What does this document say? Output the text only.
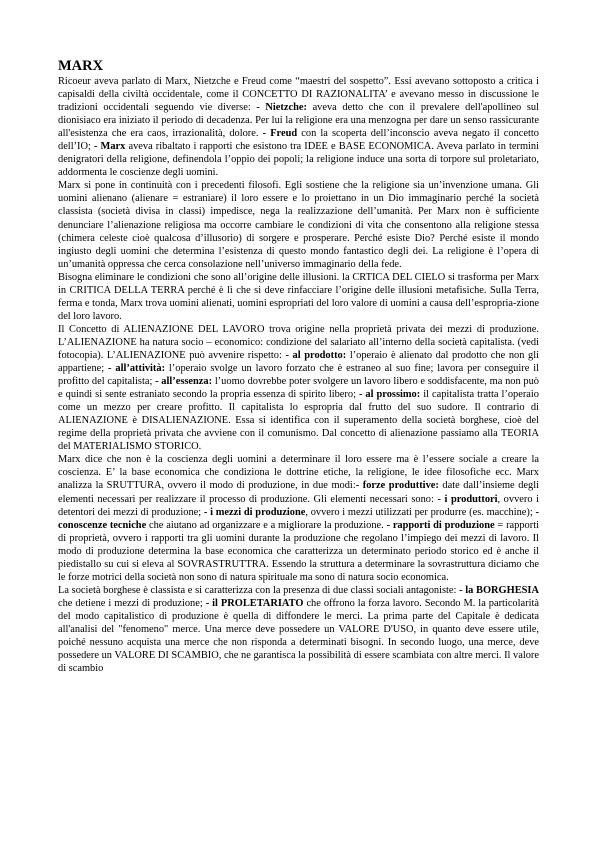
MARX

Ricoeur aveva parlato di Marx, Nietzche e Freud come “maestri del sospetto”. Essi avevano sottoposto a critica i capisaldi della civiltà occidentale, come il CONCETTO DI RAZIONALITA’ e avevano messo in discussione le tradizioni occidentali seguendo vie diverse: - Nietzche: aveva detto che con il prevalere dell'apollineo sul dionisiaco era iniziato il periodo di decadenza. Per lui la religione era una menzogna per dare un senso rassicurante all'esistenza che era caos, irrazionalità, dolore. - Freud con la scoperta dell’inconscio aveva negato il concetto dell’IO; - Marx aveva ribaltato i rapporti che esistono tra IDEE e BASE ECONOMICA. Aveva parlato in termini denigratori della religione, definendola l’oppio dei popoli; la religione induce una sorta di torpore sul proletariato, addormenta le coscienze degli uomini.

Marx si pone in continuità con i precedenti filosofi. Egli sostiene che la religione sia un’invenzione umana. Gli uomini alienano (alienare = estraniare) il loro essere e lo proiettano in un Dio immaginario perché la società classista (società divisa in classi) impedisce, nega la realizzazione dell’umanità. Per Marx non è sufficiente denunciare l’alienazione religiosa ma occorre cambiare le condizioni di vita che consentono alla religione stessa (chimera celeste cioè qualcosa d’illusorio) di sorgere e prosperare. Perché esiste Dio? Perché esiste il mondo ingiusto degli uomini che determina l’esistenza di questo mondo fantastico degli dei. La religione è l’opera di un’umanità oppressa che cerca consolazione nell’universo immaginario della fede.

Bisogna eliminare le condizioni che sono all’origine delle illusioni. la CRTICA DEL CIELO si trasforma per Marx in CRITICA DELLA TERRA perché è lì che si deve rinfacciare l’origine delle illusioni metafisiche. Sulla Terra, ferma e tonda, Marx trova uomini alienati, uomini espropriati del loro valore di uomini a causa dell’espropria-zione del loro lavoro.

Il Concetto di ALIENAZIONE DEL LAVORO trova origine nella proprietà privata dei mezzi di produzione. L’ALIENAZIONE ha natura socio – economico: condizione del salariato all’interno della società capitalista. (vedi fotocopia). L’ALIENAZIONE può avvenire rispetto: - al prodotto: l’operaio è alienato dal prodotto che non gli appartiene; - all’attività: l’operaio svolge un lavoro forzato che è estraneo al suo fine; lavora per conseguire il profitto del capitalista; - all’essenza: l’uomo dovrebbe poter svolgere un lavoro libero e soddisfacente, ma non può e quindi si sente estraniato secondo la propria essenza di spirito libero; - al prossimo: il capitalista tratta l’operaio come un mezzo per creare profitto. Il capitalista lo espropria dal frutto del suo sudore. Il contrario di ALIENAZIONE è DISALIENAZIONE. Essa si identifica con il superamento della società borghese, cioè del regime della proprietà privata che avviene con il comunismo. Dal concetto di alienazione passiamo alla TEORIA del MATERIALISMO STORICO.

Marx dice che non è la coscienza degli uomini a determinare il loro essere ma è l’essere sociale a creare la coscienza. E’ la base economica che condiziona le dottrine etiche, la religione, le idee filosofiche ecc. Marx analizza la SRUTTURA, ovvero il modo di produzione, in due modi:- forze produttive: date dall’insieme degli elementi necessari per realizzare il processo di produzione. Gli elementi necessari sono: - i produttori, ovvero i detentori dei mezzi di produzione; - i mezzi di produzione, ovvero i mezzi utilizzati per produrre (es. macchine); - conoscenze tecniche che aiutano ad organizzare e a migliorare la produzione. - rapporti di produzione = rapporti di proprietà, ovvero i rapporti tra gli uomini durante la produzione che regolano l’impiego dei mezzi di lavoro. Il modo di produzione determina la base economica che caratterizza un determinato periodo storico ed è anche il piedistallo su cui si eleva al SOVRASTRUTTRA. Essendo la struttura a determinare la sovrastruttura diciamo che le forze motrici della società non sono di natura spirituale ma sono di natura socio economica.

La società borghese è classista e si caratterizza con la presenza di due classi sociali antagoniste: - la BORGHESIA che detiene i mezzi di produzione; - il PROLETARIATO che offrono la forza lavoro. Secondo M. la particolarità del modo capitalistico di produzione è quella di diffondere le merci. La prima parte del Capitale è dedicata all'analisi del "fenomeno" merce. Una merce deve possedere un VALORE D'USO, in quanto deve essere utile, poiché nessuno acquista una merce che non risponda a determinati bisogni. In secondo luogo, una merce, deve possedere un VALORE DI SCAMBIO, che ne garantisca la possibilità di essere scambiata con altre merci. Il valore di scambio
